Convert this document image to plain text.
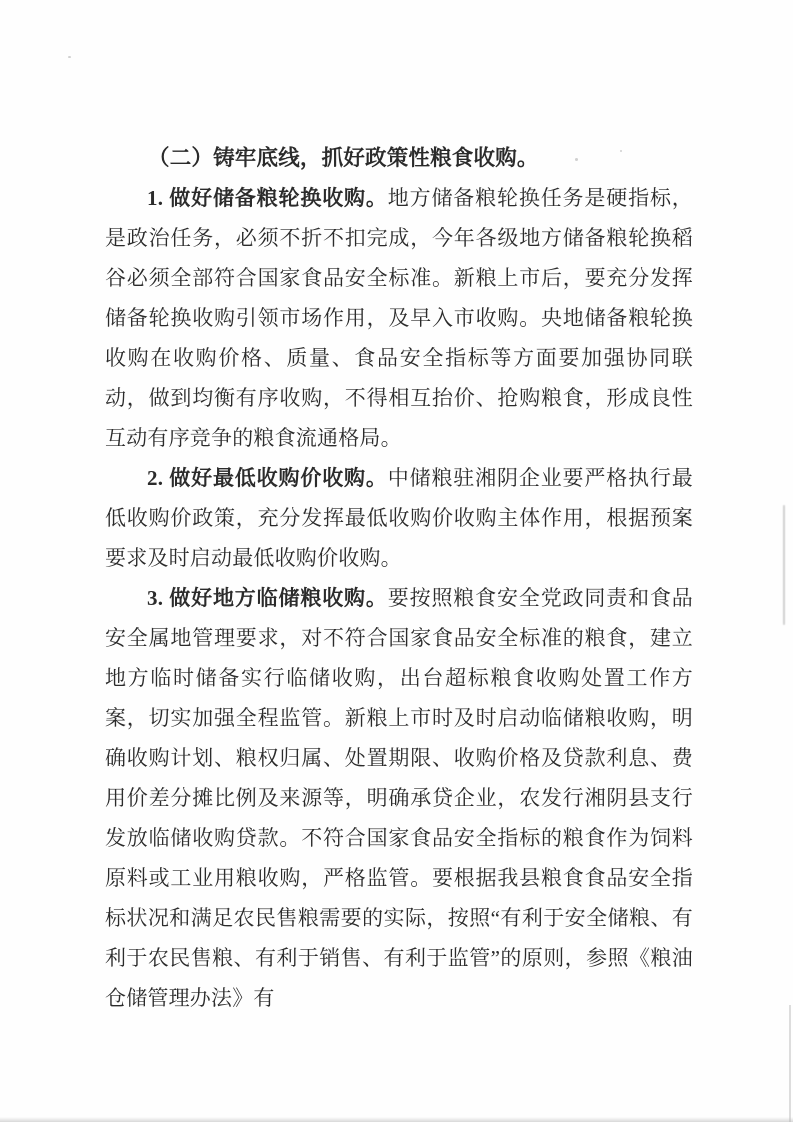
（二）铸牢底线，抓好政策性粮食收购。

1. 做好储备粮轮换收购。地方储备粮轮换任务是硬指标，是政治任务，必须不折不扣完成，今年各级地方储备粮轮换稻谷必须全部符合国家食品安全标准。新粮上市后，要充分发挥储备轮换收购引领市场作用，及早入市收购。央地储备粮轮换收购在收购价格、质量、食品安全指标等方面要加强协同联动，做到均衡有序收购，不得相互抬价、抢购粮食，形成良性互动有序竞争的粮食流通格局。

2. 做好最低收购价收购。中储粮驻湘阴企业要严格执行最低收购价政策，充分发挥最低收购价收购主体作用，根据预案要求及时启动最低收购价收购。

3. 做好地方临储粮收购。要按照粮食安全党政同责和食品安全属地管理要求，对不符合国家食品安全标准的粮食，建立地方临时储备实行临储收购，出台超标粮食收购处置工作方案，切实加强全程监管。新粮上市时及时启动临储粮收购，明确收购计划、粮权归属、处置期限、收购价格及贷款利息、费用价差分摊比例及来源等，明确承贷企业，农发行湘阴县支行发放临储收购贷款。不符合国家食品安全指标的粮食作为饲料原料或工业用粮收购，严格监管。要根据我县粮食食品安全指标状况和满足农民售粮需要的实际，按照“有利于安全储粮、有利于农民售粮、有利于销售、有利于监管”的原则，参照《粮油仓储管理办法》有
